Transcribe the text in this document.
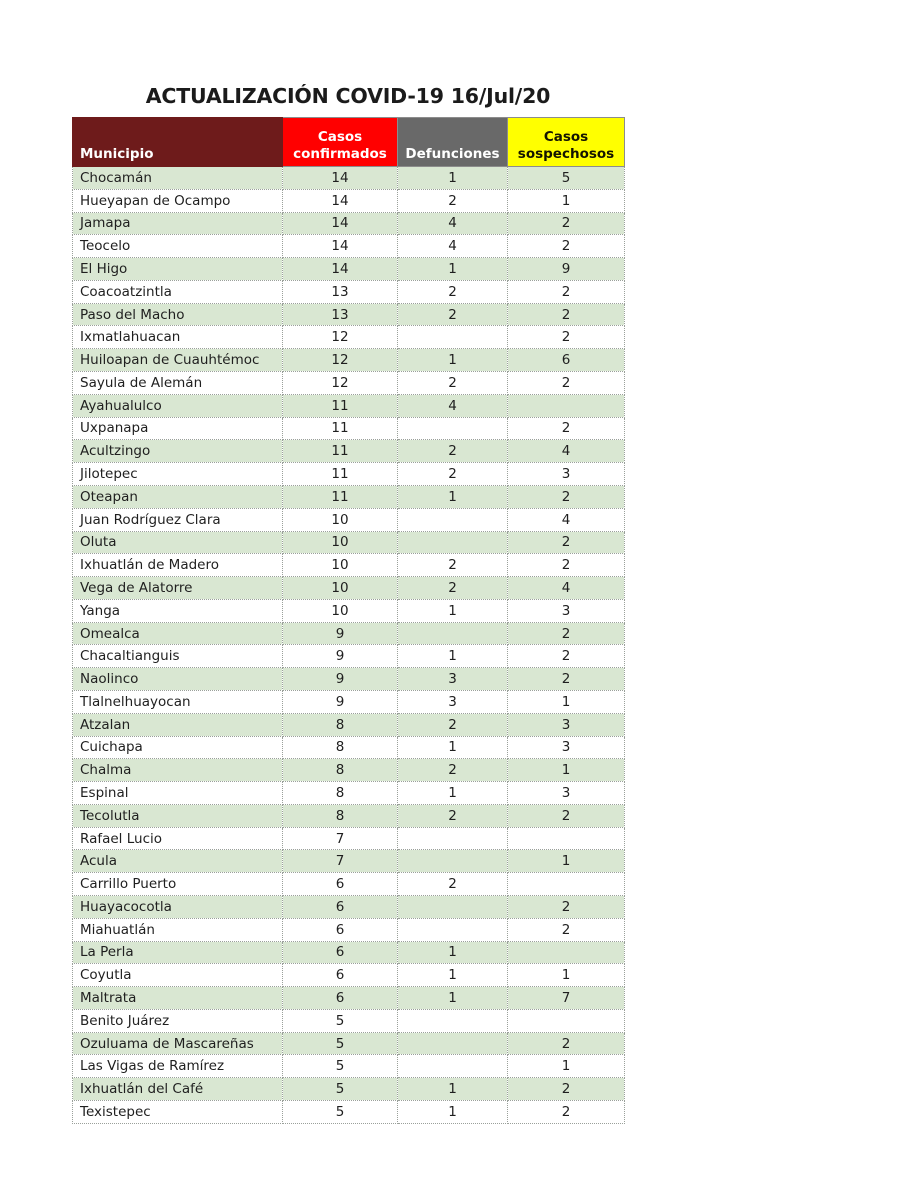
ACTUALIZACIÓN COVID-19 16/Jul/20
Municipio	Casos confirmados	Defunciones	Casos sospechosos
Chocamán	14	1	5
Hueyapan de Ocampo	14	2	1
Jamapa	14	4	2
Teocelo	14	4	2
El Higo	14	1	9
Coacoatzintla	13	2	2
Paso del Macho	13	2	2
Ixmatlahuacan	12		2
Huiloapan de Cuauhtémoc	12	1	6
Sayula de Alemán	12	2	2
Ayahualulco	11	4	
Uxpanapa	11		2
Acultzingo	11	2	4
Jilotepec	11	2	3
Oteapan	11	1	2
Juan Rodríguez Clara	10		4
Oluta	10		2
Ixhuatlán de Madero	10	2	2
Vega de Alatorre	10	2	4
Yanga	10	1	3
Omealca	9		2
Chacaltianguis	9	1	2
Naolinco	9	3	2
Tlalnelhuayocan	9	3	1
Atzalan	8	2	3
Cuichapa	8	1	3
Chalma	8	2	1
Espinal	8	1	3
Tecolutla	8	2	2
Rafael Lucio	7		
Acula	7		1
Carrillo Puerto	6	2	
Huayacocotla	6		2
Miahuatlán	6		2
La Perla	6	1	
Coyutla	6	1	1
Maltrata	6	1	7
Benito Juárez	5		
Ozuluama de Mascareñas	5		2
Las Vigas de Ramírez	5		1
Ixhuatlán del Café	5	1	2
Texistepec	5	1	2
